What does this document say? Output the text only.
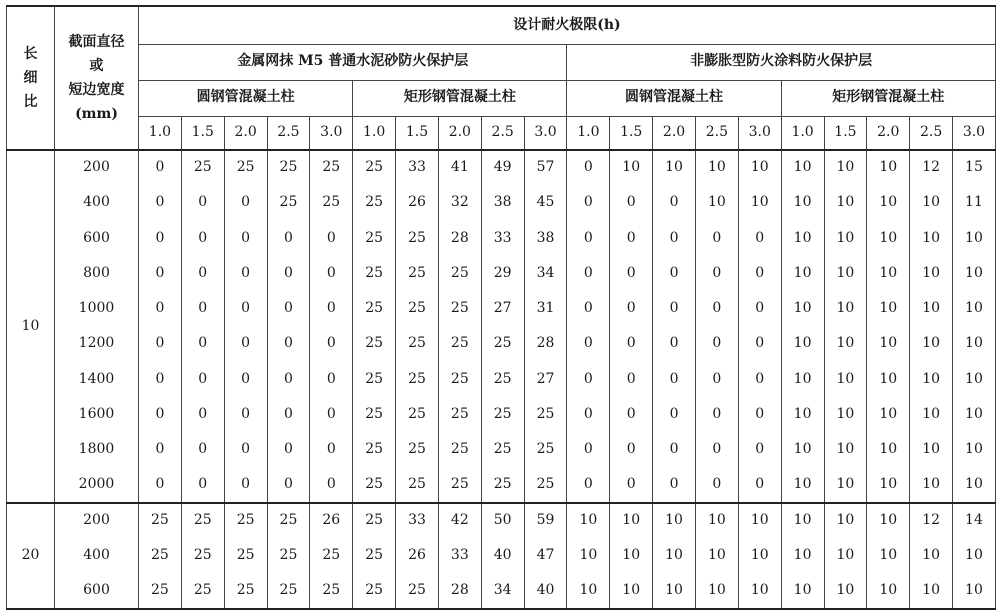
长
细
比	截面直径
或
短边宽度
(mm)	设计耐火极限(h)																			
		金属网抹 M5 普通水泥砂防火保护层										非膨胀型防火涂料防火保护层									
		圆钢管混凝土柱					矩形钢管混凝土柱					圆钢管混凝土柱					矩形钢管混凝土柱				
		1.0	1.5	2.0	2.5	3.0	1.0	1.5	2.0	2.5	3.0	1.0	1.5	2.0	2.5	3.0	1.0	1.5	2.0	2.5	3.0
10	200	0	25	25	25	25	25	33	41	49	57	0	10	10	10	10	10	10	10	12	15
	400	0	0	0	25	25	25	26	32	38	45	0	0	0	10	10	10	10	10	10	11
	600	0	0	0	0	0	25	25	28	33	38	0	0	0	0	0	10	10	10	10	10
	800	0	0	0	0	0	25	25	25	29	34	0	0	0	0	0	10	10	10	10	10
	1000	0	0	0	0	0	25	25	25	27	31	0	0	0	0	0	10	10	10	10	10
	1200	0	0	0	0	0	25	25	25	25	28	0	0	0	0	0	10	10	10	10	10
	1400	0	0	0	0	0	25	25	25	25	27	0	0	0	0	0	10	10	10	10	10
	1600	0	0	0	0	0	25	25	25	25	25	0	0	0	0	0	10	10	10	10	10
	1800	0	0	0	0	0	25	25	25	25	25	0	0	0	0	0	10	10	10	10	10
	2000	0	0	0	0	0	25	25	25	25	25	0	0	0	0	0	10	10	10	10	10
20	200	25	25	25	25	26	25	33	42	50	59	10	10	10	10	10	10	10	10	12	14
	400	25	25	25	25	25	25	26	33	40	47	10	10	10	10	10	10	10	10	10	10
	600	25	25	25	25	25	25	25	28	34	40	10	10	10	10	10	10	10	10	10	10
